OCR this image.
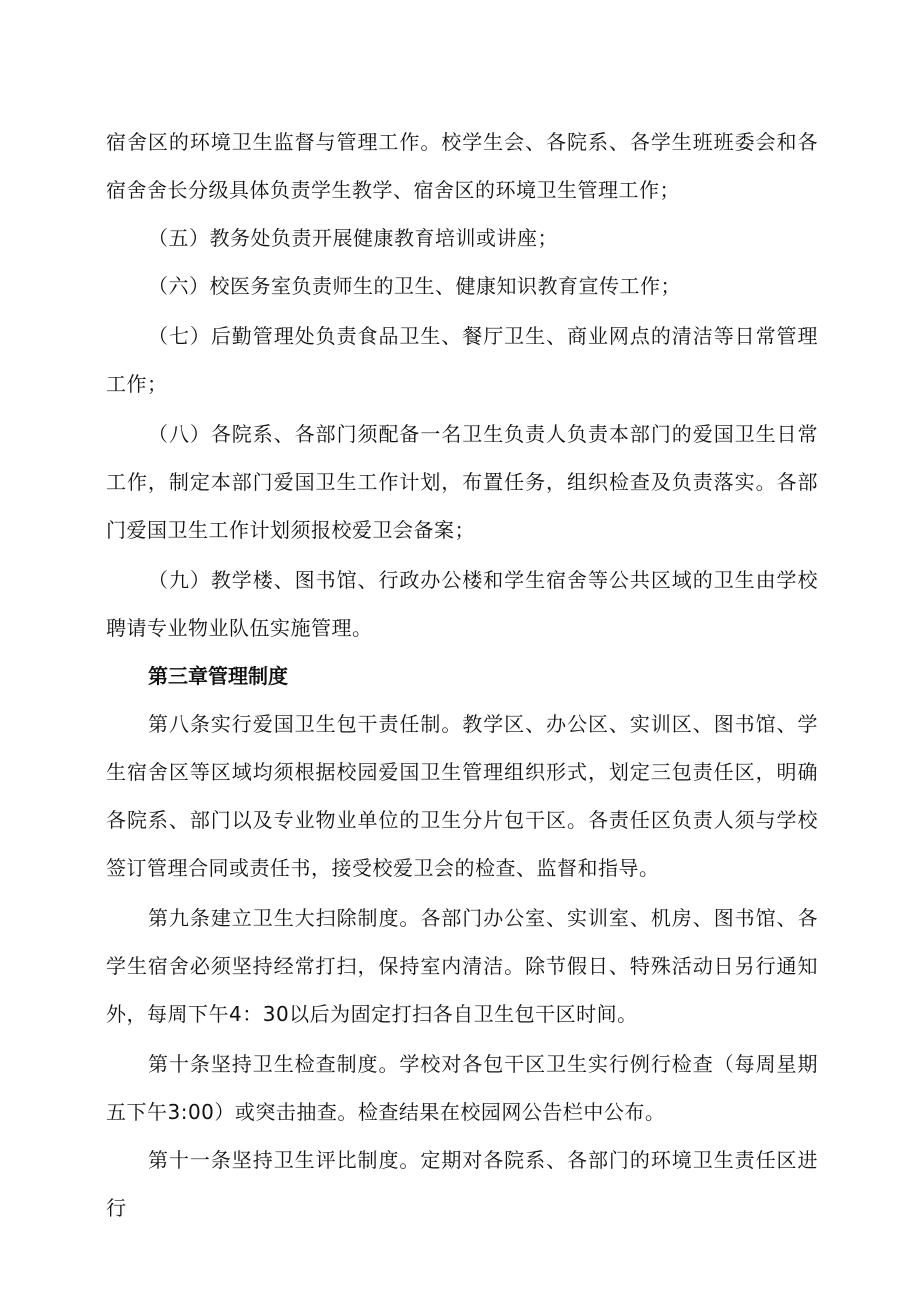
宿舍区的环境卫生监督与管理工作。校学生会、各院系、各学生班班委会和各宿舍舍长分级具体负责学生教学、宿舍区的环境卫生管理工作；

（五）教务处负责开展健康教育培训或讲座；

（六）校医务室负责师生的卫生、健康知识教育宣传工作；

（七）后勤管理处负责食品卫生、餐厅卫生、商业网点的清洁等日常管理工作；

（八）各院系、各部门须配备一名卫生负责人负责本部门的爱国卫生日常工作，制定本部门爱国卫生工作计划，布置任务，组织检查及负责落实。各部门爱国卫生工作计划须报校爱卫会备案；

（九）教学楼、图书馆、行政办公楼和学生宿舍等公共区域的卫生由学校聘请专业物业队伍实施管理。

第三章管理制度

第八条实行爱国卫生包干责任制。教学区、办公区、实训区、图书馆、学生宿舍区等区域均须根据校园爱国卫生管理组织形式，划定三包责任区，明确各院系、部门以及专业物业单位的卫生分片包干区。各责任区负责人须与学校签订管理合同或责任书，接受校爱卫会的检查、监督和指导。

第九条建立卫生大扫除制度。各部门办公室、实训室、机房、图书馆、各学生宿舍必须坚持经常打扫，保持室内清洁。除节假日、特殊活动日另行通知外，每周下午4：30以后为固定打扫各自卫生包干区时间。

第十条坚持卫生检查制度。学校对各包干区卫生实行例行检查（每周星期五下午3:00）或突击抽查。检查结果在校园网公告栏中公布。

第十一条坚持卫生评比制度。定期对各院系、各部门的环境卫生责任区进行
